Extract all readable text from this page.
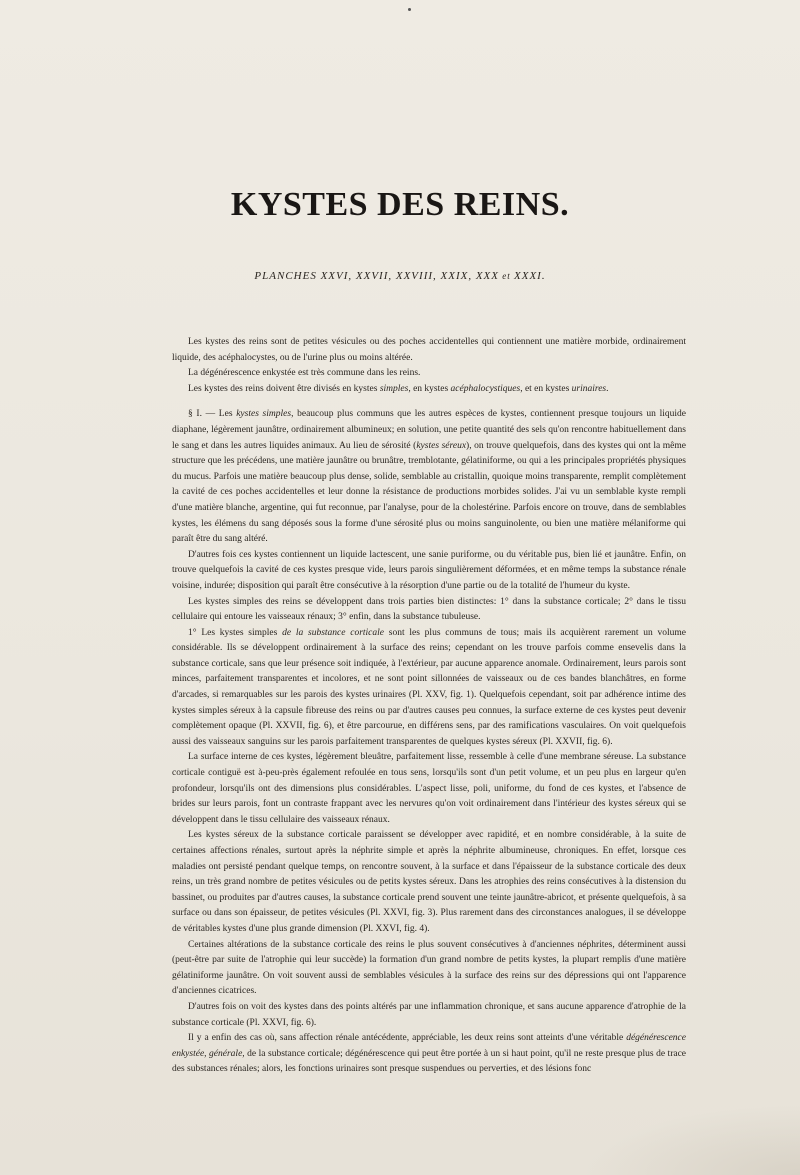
KYSTES DES REINS.
PLANCHES XXVI, XXVII, XXVIII, XXIX, XXX et XXXI.

Les kystes des reins sont de petites vésicules ou des poches accidentelles qui contiennent une matière morbide, ordinairement liquide, des acéphalocystes, ou de l'urine plus ou moins altérée.

La dégénérescence enkystée est très commune dans les reins.

Les kystes des reins doivent être divisés en kystes simples, en kystes acéphalocystiques, et en kystes urinaires.

§ I. — Les kystes simples, beaucoup plus communs que les autres espèces de kystes, contiennent presque toujours un liquide diaphane, légèrement jaunâtre, ordinairement albumineux; en solution, une petite quantité des sels qu'on rencontre habituellement dans le sang et dans les autres liquides animaux. Au lieu de sérosité (kystes séreux), on trouve quelquefois, dans des kystes qui ont la même structure que les précédens, une matière jaunâtre ou brunâtre, tremblotante, gélatiniforme, ou qui a les principales propriétés physiques du mucus. Parfois une matière beaucoup plus dense, solide, semblable au cristallin, quoique moins transparente, remplit complètement la cavité de ces poches accidentelles et leur donne la résistance de productions morbides solides. J'ai vu un semblable kyste rempli d'une matière blanche, argentine, qui fut reconnue, par l'analyse, pour de la cholestérine. Parfois encore on trouve, dans de semblables kystes, les élémens du sang déposés sous la forme d'une sérosité plus ou moins sanguinolente, ou bien une matière mélaniforme qui paraît être du sang altéré.

D'autres fois ces kystes contiennent un liquide lactescent, une sanie puriforme, ou du véritable pus, bien lié et jaunâtre. Enfin, on trouve quelquefois la cavité de ces kystes presque vide, leurs parois singulièrement déformées, et en même temps la substance rénale voisine, indurée; disposition qui paraît être consécutive à la résorption d'une partie ou de la totalité de l'humeur du kyste.

Les kystes simples des reins se développent dans trois parties bien distinctes: 1° dans la substance corticale; 2° dans le tissu cellulaire qui entoure les vaisseaux rénaux; 3° enfin, dans la substance tubuleuse.

1° Les kystes simples de la substance corticale sont les plus communs de tous; mais ils acquièrent rarement un volume considérable. Ils se développent ordinairement à la surface des reins; cependant on les trouve parfois comme ensevelis dans la substance corticale, sans que leur présence soit indiquée, à l'extérieur, par aucune apparence anomale. Ordinairement, leurs parois sont minces, parfaitement transparentes et incolores, et ne sont point sillonnées de vaisseaux ou de ces bandes blanchâtres, en forme d'arcades, si remarquables sur les parois des kystes urinaires (Pl. XXV, fig. 1). Quelquefois cependant, soit par adhérence intime des kystes simples séreux à la capsule fibreuse des reins ou par d'autres causes peu connues, la surface externe de ces kystes peut devenir complètement opaque (Pl. XXVII, fig. 6), et être parcourue, en différens sens, par des ramifications vasculaires. On voit quelquefois aussi des vaisseaux sanguins sur les parois parfaitement transparentes de quelques kystes séreux (Pl. XXVII, fig. 6).

La surface interne de ces kystes, légèrement bleuâtre, parfaitement lisse, ressemble à celle d'une membrane séreuse. La substance corticale contiguë est à-peu-près également refoulée en tous sens, lorsqu'ils sont d'un petit volume, et un peu plus en largeur qu'en profondeur, lorsqu'ils ont des dimensions plus considérables. L'aspect lisse, poli, uniforme, du fond de ces kystes, et l'absence de brides sur leurs parois, font un contraste frappant avec les nervures qu'on voit ordinairement dans l'intérieur des kystes séreux qui se développent dans le tissu cellulaire des vaisseaux rénaux.

Les kystes séreux de la substance corticale paraissent se développer avec rapidité, et en nombre considérable, à la suite de certaines affections rénales, surtout après la néphrite simple et après la néphrite albumineuse, chroniques. En effet, lorsque ces maladies ont persisté pendant quelque temps, on rencontre souvent, à la surface et dans l'épaisseur de la substance corticale des deux reins, un très grand nombre de petites vésicules ou de petits kystes séreux. Dans les atrophies des reins consécutives à la distension du bassinet, ou produites par d'autres causes, la substance corticale prend souvent une teinte jaunâtre-abricot, et présente quelquefois, à sa surface ou dans son épaisseur, de petites vésicules (Pl. XXVI, fig. 3). Plus rarement dans des circonstances analogues, il se développe de véritables kystes d'une plus grande dimension (Pl. XXVI, fig. 4).

Certaines altérations de la substance corticale des reins le plus souvent consécutives à d'anciennes néphrites, déterminent aussi (peut-être par suite de l'atrophie qui leur succède) la formation d'un grand nombre de petits kystes, la plupart remplis d'une matière gélatiniforme jaunâtre. On voit souvent aussi de semblables vésicules à la surface des reins sur des dépressions qui ont l'apparence d'anciennes cicatrices.

D'autres fois on voit des kystes dans des points altérés par une inflammation chronique, et sans aucune apparence d'atrophie de la substance corticale (Pl. XXVI, fig. 6).

Il y a enfin des cas où, sans affection rénale antécédente, appréciable, les deux reins sont atteints d'une véritable dégénérescence enkystée, générale, de la substance corticale; dégénérescence qui peut être portée à un si haut point, qu'il ne reste presque plus de trace des substances rénales; alors, les fonctions urinaires sont presque suspendues ou perverties, et des lésions fonc
